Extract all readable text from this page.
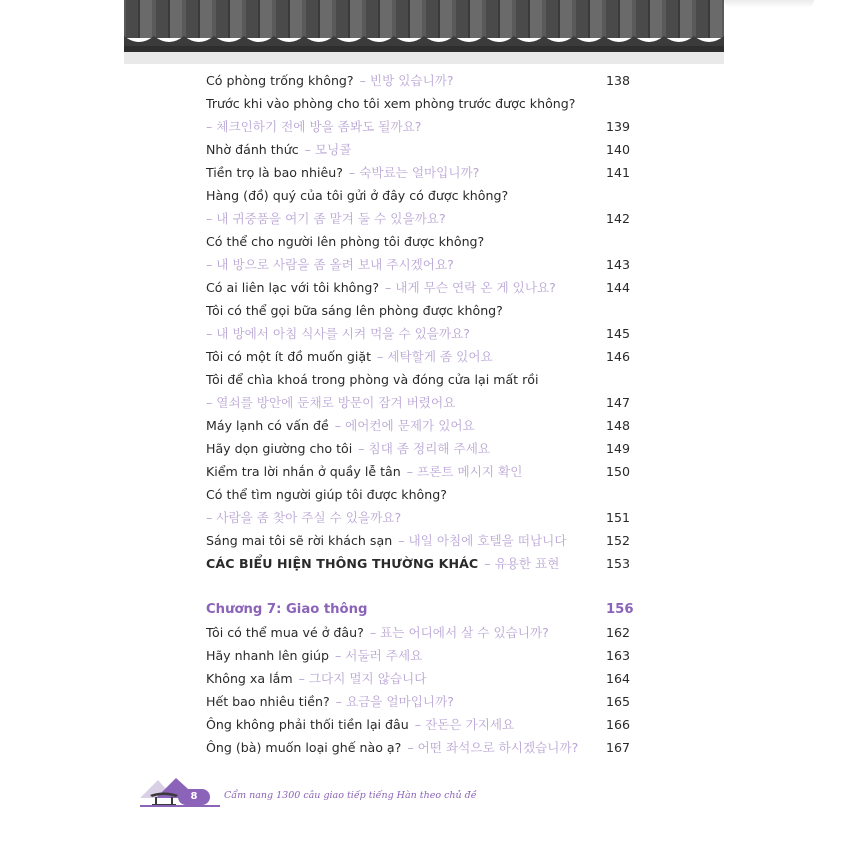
Có phòng trống không? – 빈방 있습니까?	138
Trước khi vào phòng cho tôi xem phòng trước được không?
– 체크인하기 전에 방을 좀봐도 될까요?	139
Nhờ đánh thức – 모닝콜	140
Tiền trọ là bao nhiêu? – 숙박료는 얼마입니까?	141
Hàng (đồ) quý của tôi gửi ở đây có được không?
– 내 귀중품을 여기 좀 맡겨 둘 수 있을까요?	142
Có thể cho người lên phòng tôi được không?
– 내 방으로 사람을 좀 올려 보내 주시겠어요?	143
Có ai liên lạc với tôi không? – 내게 무슨 연락 온 게 있나요?	144
Tôi có thể gọi bữa sáng lên phòng được không?
– 내 방에서 아침 식사를 시켜 먹을 수 있을까요?	145
Tôi có một ít đồ muốn giặt – 세탁할게 좀 있어요	146
Tôi để chìa khoá trong phòng và đóng cửa lại mất rồi
– 열쇠를 방안에 둔채로 방문이 잠겨 버렸어요	147
Máy lạnh có vấn đề – 에어컨에 문제가 있어요	148
Hãy dọn giường cho tôi – 침대 좀 정리해 주세요	149
Kiểm tra lời nhắn ở quầy lễ tân – 프론트 메시지 확인	150
Có thể tìm người giúp tôi được không?
– 사람을 좀 찾아 주실 수 있을까요?	151
Sáng mai tôi sẽ rời khách sạn – 내일 아침에 호텔을 떠납니다	152
CÁC BIỂU HIỆN THÔNG THƯỜNG KHÁC – 유용한 표현	153
Chương 7: Giao thông	156
Tôi có thể mua vé ở đâu? – 표는 어디에서 살 수 있습니까?	162
Hãy nhanh lên giúp – 서둘러 주세요	163
Không xa lắm – 그다지 멀지 않습니다	164
Hết bao nhiêu tiền? – 요금을 얼마입니까?	165
Ông không phải thối tiền lại đâu – 잔돈은 가지세요	166
Ông (bà) muốn loại ghế nào ạ? – 어떤 좌석으로 하시겠습니까? 167
8	Cẩm nang 1300 câu giao tiếp tiếng Hàn theo chủ đề
